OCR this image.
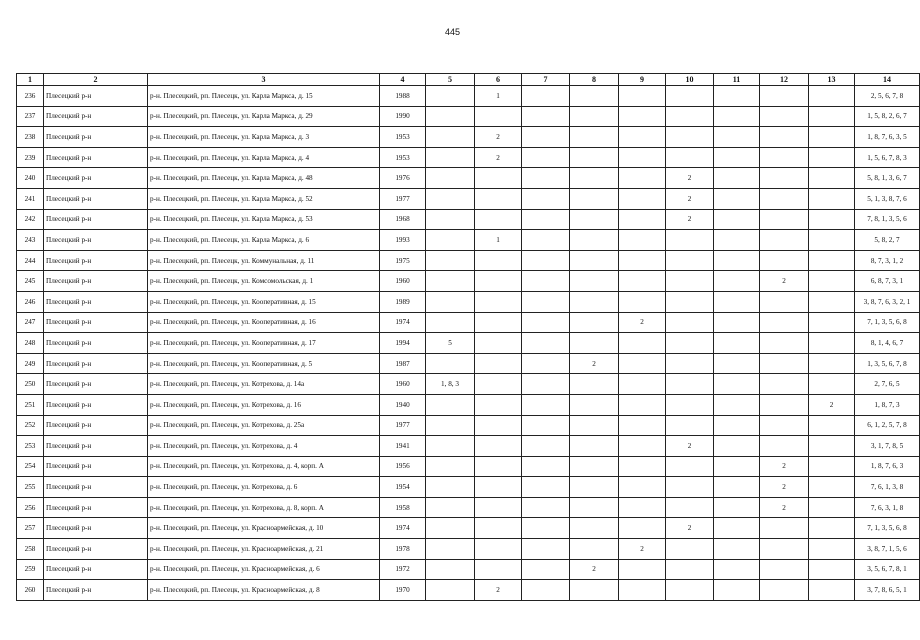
445
1	2	3	4	5	6	7	8	9	10	11	12	13	14
236	Плесецкий р-н	р-н. Плесецкий, рп. Плесецк, ул. Карла Маркса, д. 15	1988		1								2, 5, 6, 7, 8
237	Плесецкий р-н	р-н. Плесецкий, рп. Плесецк, ул. Карла Маркса, д. 29	1990										1, 5, 8, 2, 6, 7
238	Плесецкий р-н	р-н. Плесецкий, рп. Плесецк, ул. Карла Маркса, д. 3	1953		2								1, 8, 7, 6, 3, 5
239	Плесецкий р-н	р-н. Плесецкий, рп. Плесецк, ул. Карла Маркса, д. 4	1953		2								1, 5, 6, 7, 8, 3
240	Плесецкий р-н	р-н. Плесецкий, рп. Плесецк, ул. Карла Маркса, д. 48	1976						2				5, 8, 1, 3, 6, 7
241	Плесецкий р-н	р-н. Плесецкий, рп. Плесецк, ул. Карла Маркса, д. 52	1977						2				5, 1, 3, 8, 7, 6
242	Плесецкий р-н	р-н. Плесецкий, рп. Плесецк, ул. Карла Маркса, д. 53	1968						2				7, 8, 1, 3, 5, 6
243	Плесецкий р-н	р-н. Плесецкий, рп. Плесецк, ул. Карла Маркса, д. 6	1993		1								5, 8, 2, 7
244	Плесецкий р-н	р-н. Плесецкий, рп. Плесецк, ул. Коммунальная, д. 11	1975										8, 7, 3, 1, 2
245	Плесецкий р-н	р-н. Плесецкий, рп. Плесецк, ул. Комсомольская, д. 1	1960								2		6, 8, 7, 3, 1
246	Плесецкий р-н	р-н. Плесецкий, рп. Плесецк, ул. Кооперативная, д. 15	1989										3, 8, 7, 6, 3, 2, 1
247	Плесецкий р-н	р-н. Плесецкий, рп. Плесецк, ул. Кооперативная, д. 16	1974					2					7, 1, 3, 5, 6, 8
248	Плесецкий р-н	р-н. Плесецкий, рп. Плесецк, ул. Кооперативная, д. 17	1994	5									8, 1, 4, 6, 7
249	Плесецкий р-н	р-н. Плесецкий, рп. Плесецк, ул. Кооперативная, д. 5	1987				2						1, 3, 5, 6, 7, 8
250	Плесецкий р-н	р-н. Плесецкий, рп. Плесецк, ул. Котрехова, д. 14а	1960	1, 8, 3									2, 7, 6, 5
251	Плесецкий р-н	р-н. Плесецкий, рп. Плесецк, ул. Котрехова, д. 16	1940									2	1, 8, 7, 3
252	Плесецкий р-н	р-н. Плесецкий, рп. Плесецк, ул. Котрехова, д. 25а	1977										6, 1, 2, 5, 7, 8
253	Плесецкий р-н	р-н. Плесецкий, рп. Плесецк, ул. Котрехова, д. 4	1941						2				3, 1, 7, 8, 5
254	Плесецкий р-н	р-н. Плесецкий, рп. Плесецк, ул. Котрехова, д. 4, корп. А	1956								2		1, 8, 7, 6, 3
255	Плесецкий р-н	р-н. Плесецкий, рп. Плесецк, ул. Котрехова, д. 6	1954								2		7, 6, 1, 3, 8
256	Плесецкий р-н	р-н. Плесецкий, рп. Плесецк, ул. Котрехова, д. 8, корп. А	1958								2		7, 6, 3, 1, 8
257	Плесецкий р-н	р-н. Плесецкий, рп. Плесецк, ул. Красноармейская, д. 10	1974						2				7, 1, 3, 5, 6, 8
258	Плесецкий р-н	р-н. Плесецкий, рп. Плесецк, ул. Красноармейская, д. 21	1978					2					3, 8, 7, 1, 5, 6
259	Плесецкий р-н	р-н. Плесецкий, рп. Плесецк, ул. Красноармейская, д. 6	1972				2						3, 5, 6, 7, 8, 1
260	Плесецкий р-н	р-н. Плесецкий, рп. Плесецк, ул. Красноармейская, д. 8	1970		2								3, 7, 8, 6, 5, 1
